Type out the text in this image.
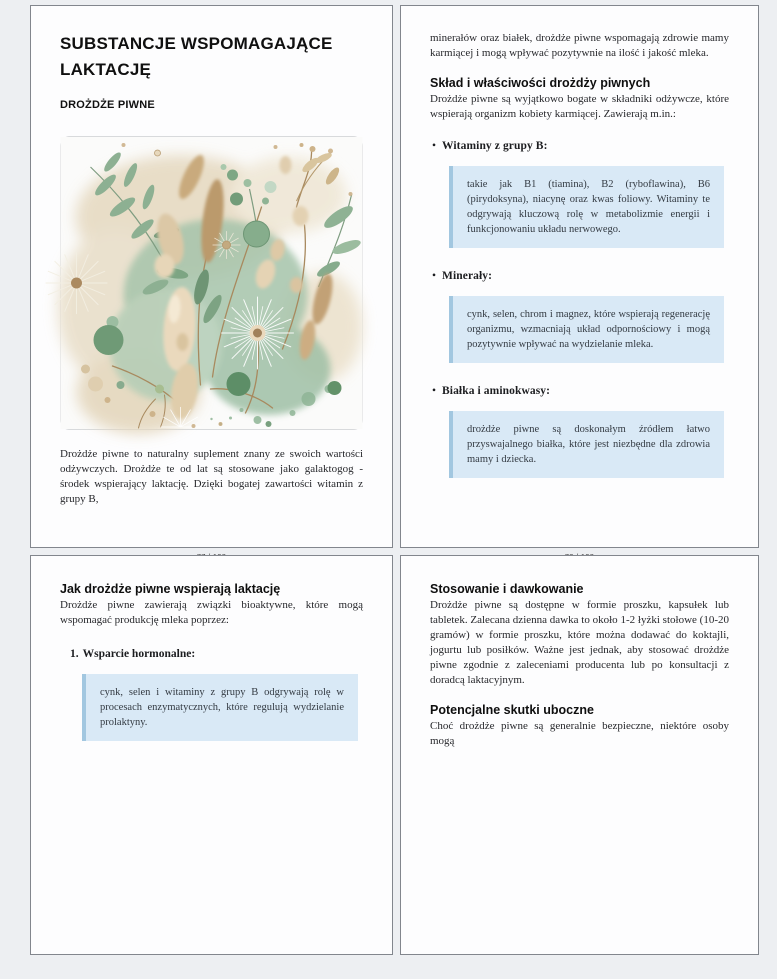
SUBSTANCJE WSPOMAGAJĄCE LAKTACJĘ
DROŻDŻE PIWNE

Drożdże piwne to naturalny suplement znany ze swoich wartości odżywczych. Drożdże te od lat są stosowane jako galaktogog - środek wspierający laktację. Dzięki bogatej zawartości witamin z grupy B,

minerałów oraz białek, drożdże piwne wspomagają zdrowie mamy karmiącej i mogą wpływać pozytywnie na ilość i jakość mleka.

Skład i właściwości drożdży piwnych

Drożdże piwne są wyjątkowo bogate w składniki odżywcze, które wspierają organizm kobiety karmiącej. Zawierają m.in.:

• Witaminy z grupy B:
takie jak B1 (tiamina), B2 (ryboflawina), B6 (pirydoksyna), niacynę oraz kwas foliowy. Witaminy te odgrywają kluczową rolę w metabolizmie energii i funkcjonowaniu układu nerwowego.
• Minerały:
cynk, selen, chrom i magnez, które wspierają regenerację organizmu, wzmacniają układ odpornościowy i mogą pozytywnie wpływać na wydzielanie mleka.
• Białka i aminokwasy:
drożdże piwne są doskonałym źródłem łatwo przyswajalnego białka, które jest niezbędne dla zdrowia mamy i dziecka.
Jak drożdże piwne wspierają laktację

Drożdże piwne zawierają związki bioaktywne, które mogą wspomagać produkcję mleka poprzez:

1. Wsparcie hormonalne:
cynk, selen i witaminy z grupy B odgrywają rolę w procesach enzymatycznych, które regulują wydzielanie prolaktyny.
Stosowanie i dawkowanie

Drożdże piwne są dostępne w formie proszku, kapsułek lub tabletek. Zalecana dzienna dawka to około 1-2 łyżki stołowe (10-20 gramów) w formie proszku, które można dodawać do koktajli, jogurtu lub posiłków. Ważne jest jednak, aby stosować drożdże piwne zgodnie z zaleceniami producenta lub po konsultacji z doradcą laktacyjnym.

Potencjalne skutki uboczne

Choć drożdże piwne są generalnie bezpieczne, niektóre osoby mogą
